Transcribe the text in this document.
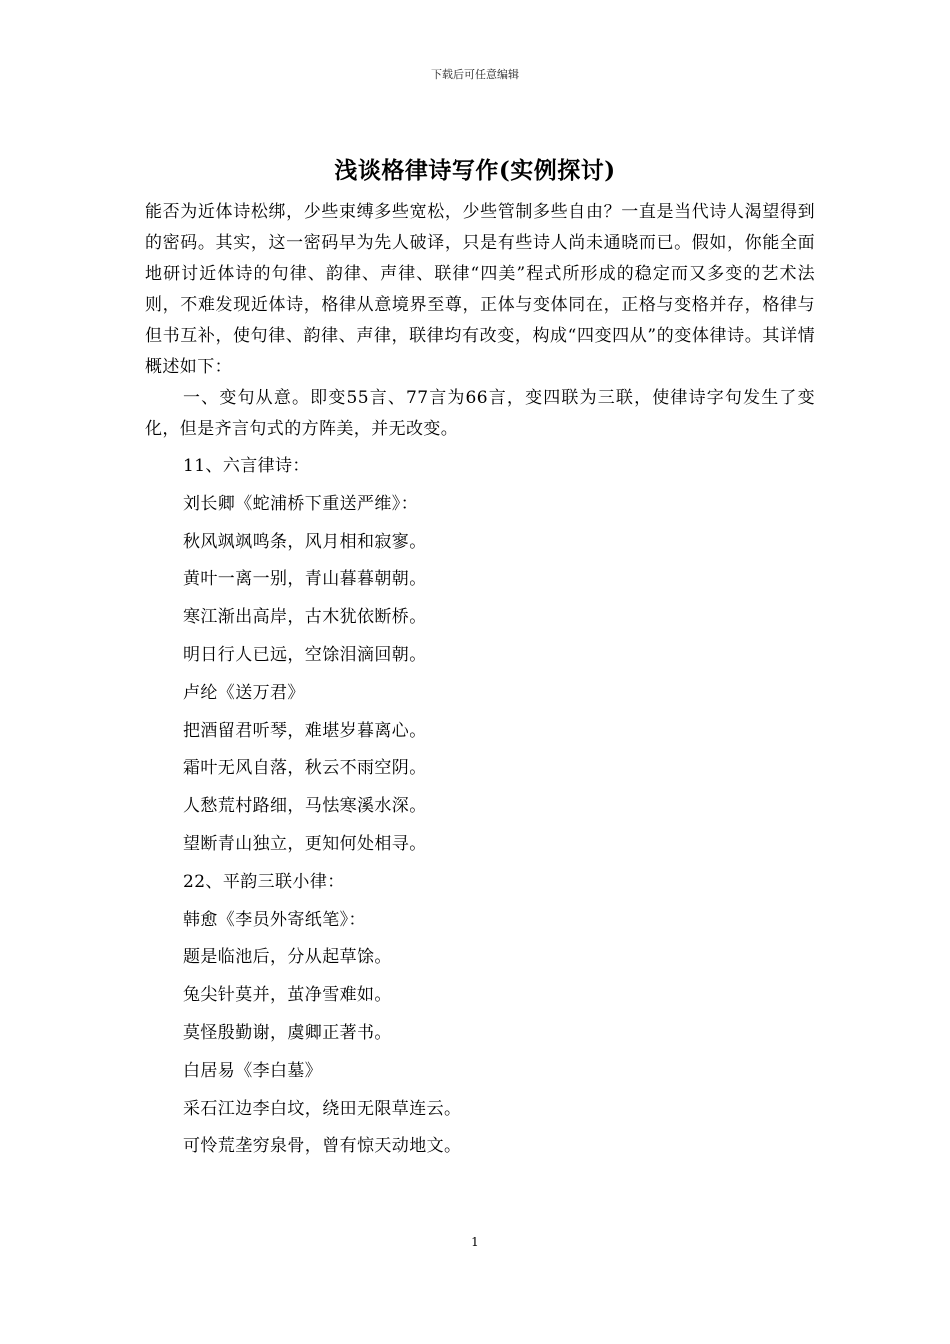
下载后可任意编辑
浅谈格律诗写作(实例探讨)

能否为近体诗松绑，少些束缚多些宽松，少些管制多些自由？一直是当代诗人渴望得到的密码。其实，这一密码早为先人破译，只是有些诗人尚未通晓而已。假如，你能全面地研讨近体诗的句律、韵律、声律、联律“四美”程式所形成的稳定而又多变的艺术法则，不难发现近体诗，格律从意境界至尊，正体与变体同在，正格与变格并存，格律与但书互补，使句律、韵律、声律，联律均有改变，构成“四变四从”的变体律诗。其详情概述如下：

一、变句从意。即变55言、77言为66言，变四联为三联，使律诗字句发生了变化，但是齐言句式的方阵美，并无改变。

11、六言律诗：
刘长卿《蛇浦桥下重送严维》：
秋风飒飒鸣条，风月相和寂寥。
黄叶一离一别，青山暮暮朝朝。
寒江渐出高岸，古木犹依断桥。
明日行人已远，空馀泪滴回朝。
卢纶《送万君》
把酒留君听琴，难堪岁暮离心。
霜叶无风自落，秋云不雨空阴。
人愁荒村路细，马怯寒溪水深。
望断青山独立，更知何处相寻。
22、平韵三联小律：
韩愈《李员外寄纸笔》：
题是临池后，分从起草馀。
兔尖针莫并，茧净雪难如。
莫怪殷勤谢，虞卿正著书。
白居易《李白墓》
采石江边李白坟，绕田无限草连云。
可怜荒垄穷泉骨，曾有惊天动地文。
1
